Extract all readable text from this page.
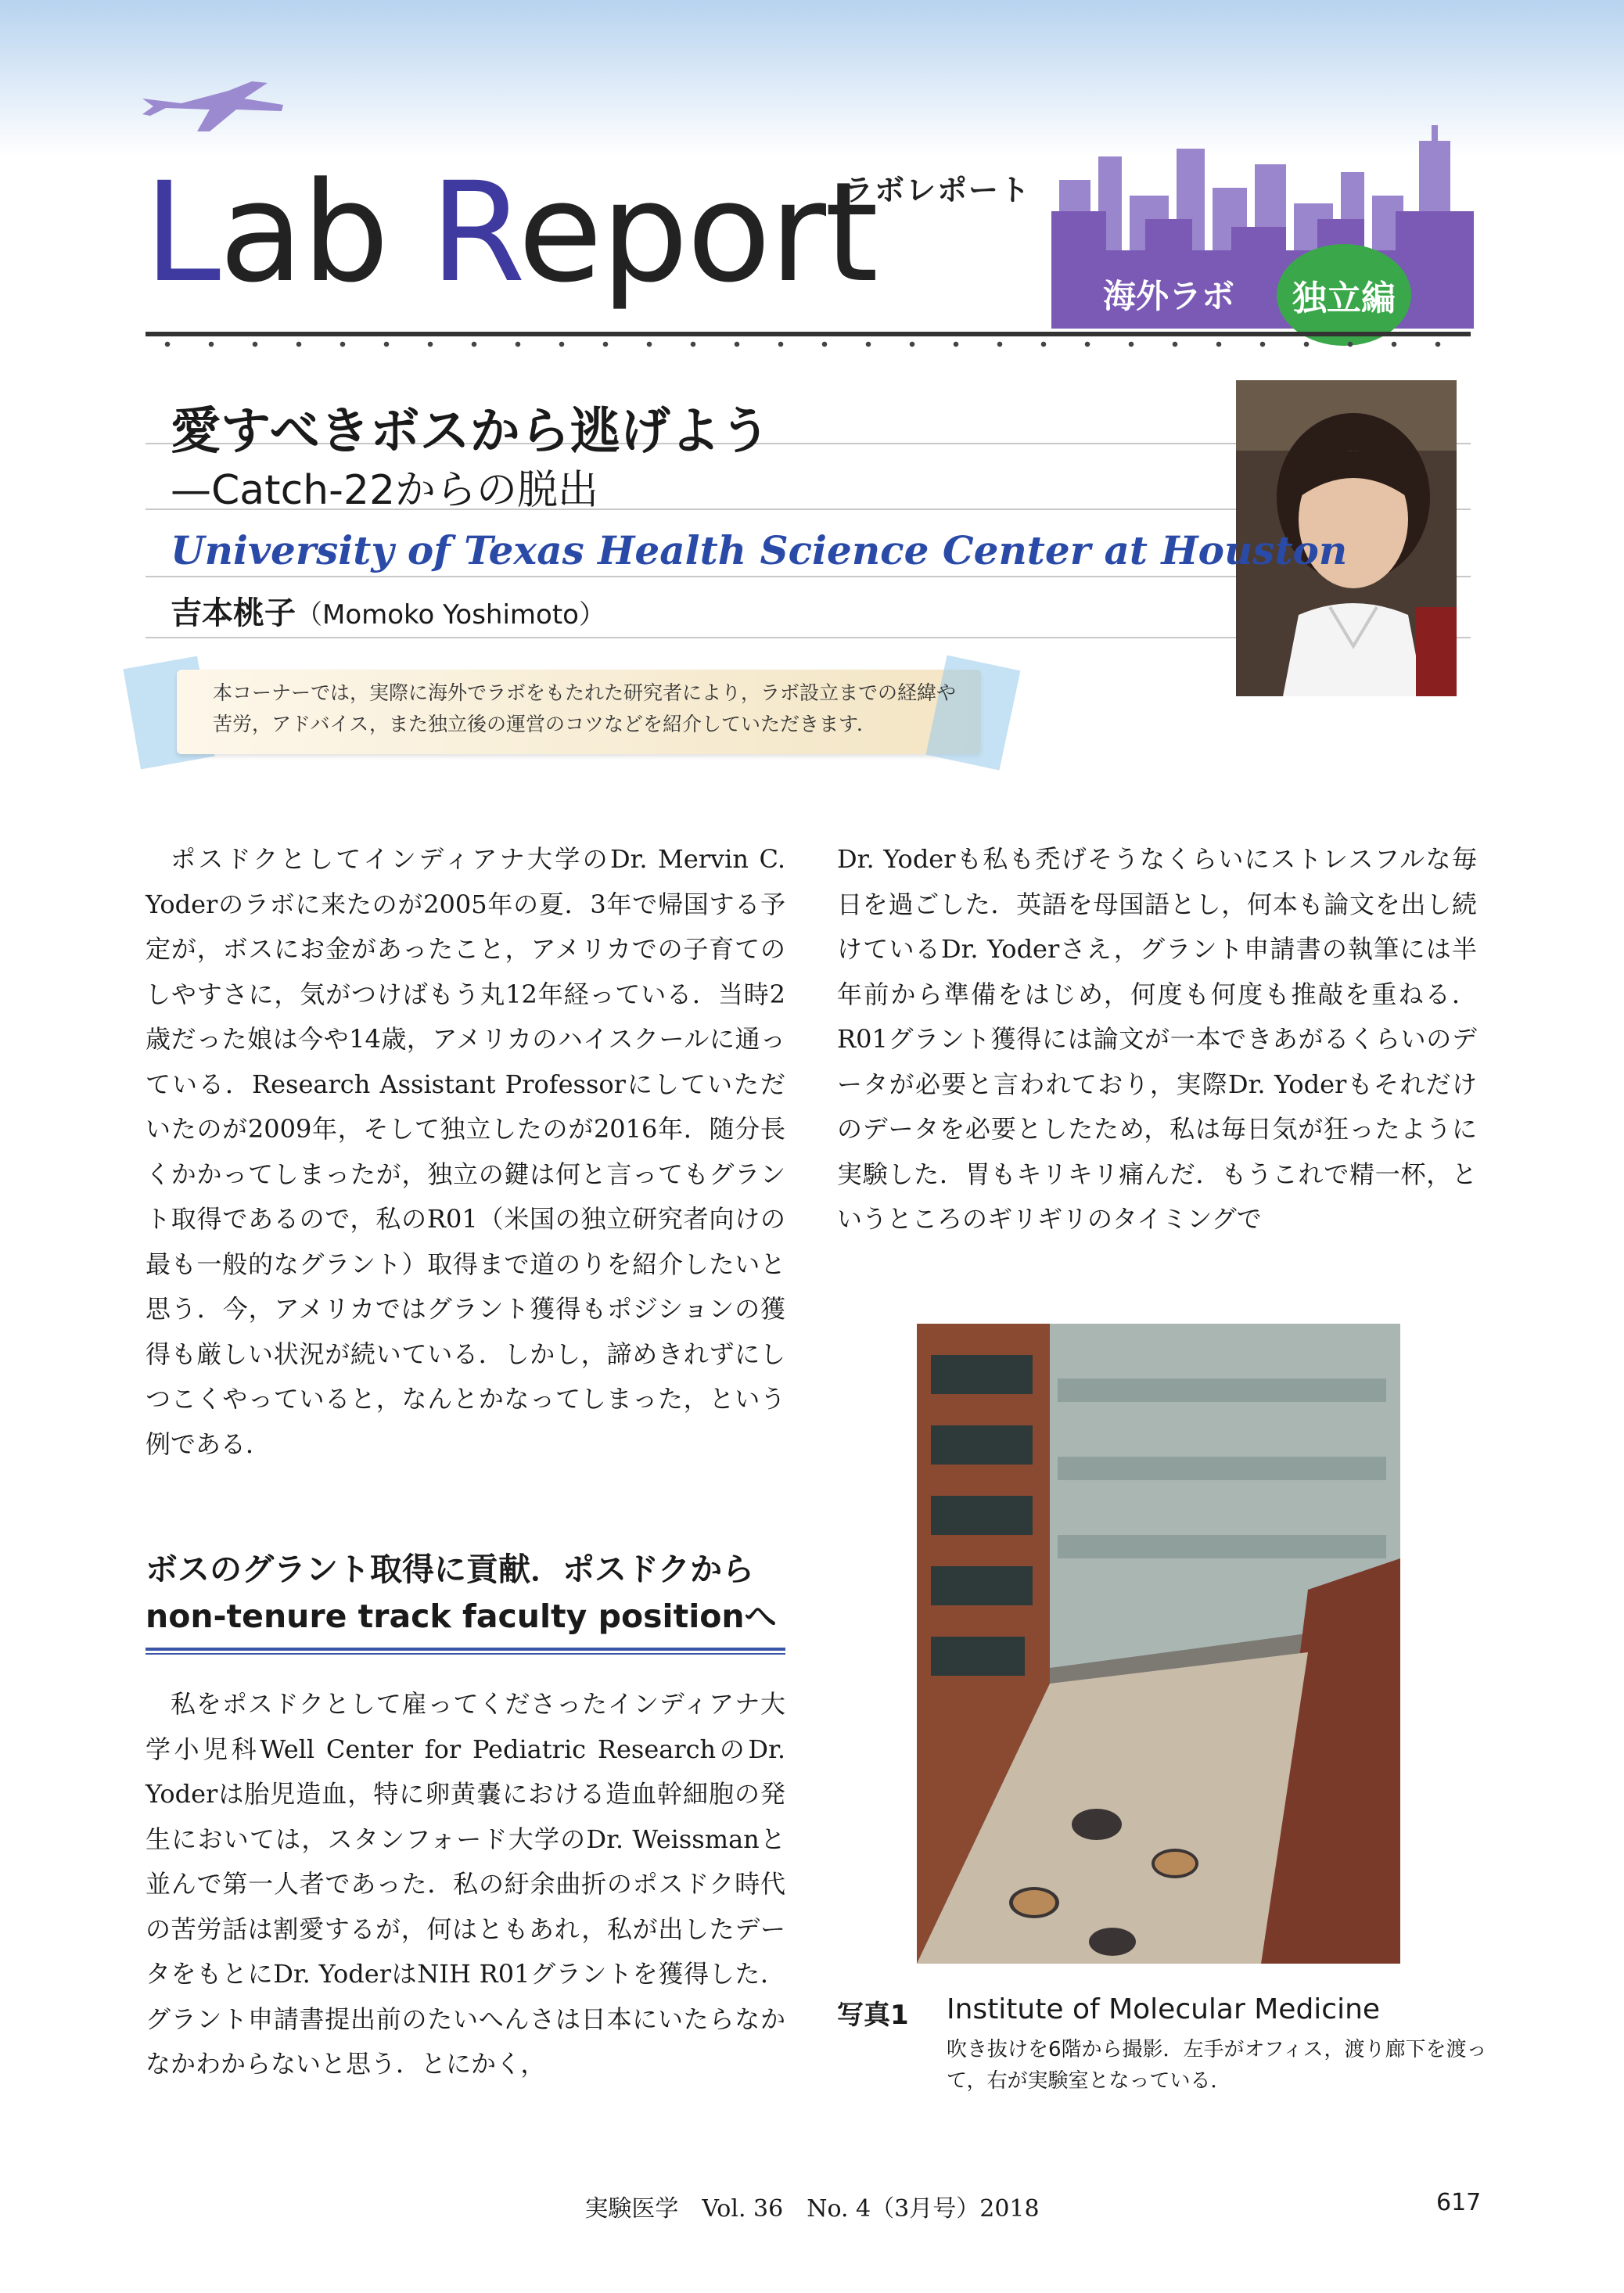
Lab Report
ラボレポート
海外ラボ	独立編
愛すべきボスから逃げよう
—Catch-22からの脱出
University of Texas Health Science Center at Houston
吉本桃子（Momoko Yoshimoto）
本コーナーでは，実際に海外でラボをもたれた研究者により，ラボ設立までの経緯や苦労，アドバイス，また独立後の運営のコツなどを紹介していただきます．

ポスドクとしてインディアナ大学のDr. Mervin C. Yoderのラボに来たのが2005年の夏．3年で帰国する予定が，ボスにお金があったこと，アメリカでの子育てのしやすさに，気がつけばもう丸12年経っている．当時2歳だった娘は今や14歳，アメリカのハイスクールに通っている．Research Assistant Professorにしていただいたのが2009年，そして独立したのが2016年．随分長くかかってしまったが，独立の鍵は何と言ってもグラント取得であるので，私のR01（米国の独立研究者向けの最も一般的なグラント）取得まで道のりを紹介したいと思う．今，アメリカではグラント獲得もポジションの獲得も厳しい状況が続いている．しかし，諦めきれずにしつこくやっていると，なんとかなってしまった，という例である．

ボスのグラント取得に貢献．ポスドクから non-tenure track faculty positionへ

私をポスドクとして雇ってくださったインディアナ大学小児科Well Center for Pediatric ResearchのDr. Yoderは胎児造血，特に卵黄嚢における造血幹細胞の発生においては，スタンフォード大学のDr. Weissmanと並んで第一人者であった．私の紆余曲折のポスドク時代の苦労話は割愛するが，何はともあれ，私が出したデータをもとにDr. YoderはNIH R01グラントを獲得した．グラント申請書提出前のたいへんさは日本にいたらなかなかわからないと思う．とにかく，

Dr. Yoderも私も禿げそうなくらいにストレスフルな毎日を過ごした．英語を母国語とし，何本も論文を出し続けているDr. Yoderさえ，グラント申請書の執筆には半年前から準備をはじめ，何度も何度も推敲を重ねる．R01グラント獲得には論文が一本できあがるくらいのデータが必要と言われており，実際Dr. Yoderもそれだけのデータを必要としたため，私は毎日気が狂ったように実験した．胃もキリキリ痛んだ．もうこれで精一杯，というところのギリギリのタイミングで
写真1 Institute of Molecular Medicine
吹き抜けを6階から撮影．左手がオフィス，渡り廊下を渡って，右が実験室となっている．
実験医学　Vol. 36　No. 4（3月号）2018	617
